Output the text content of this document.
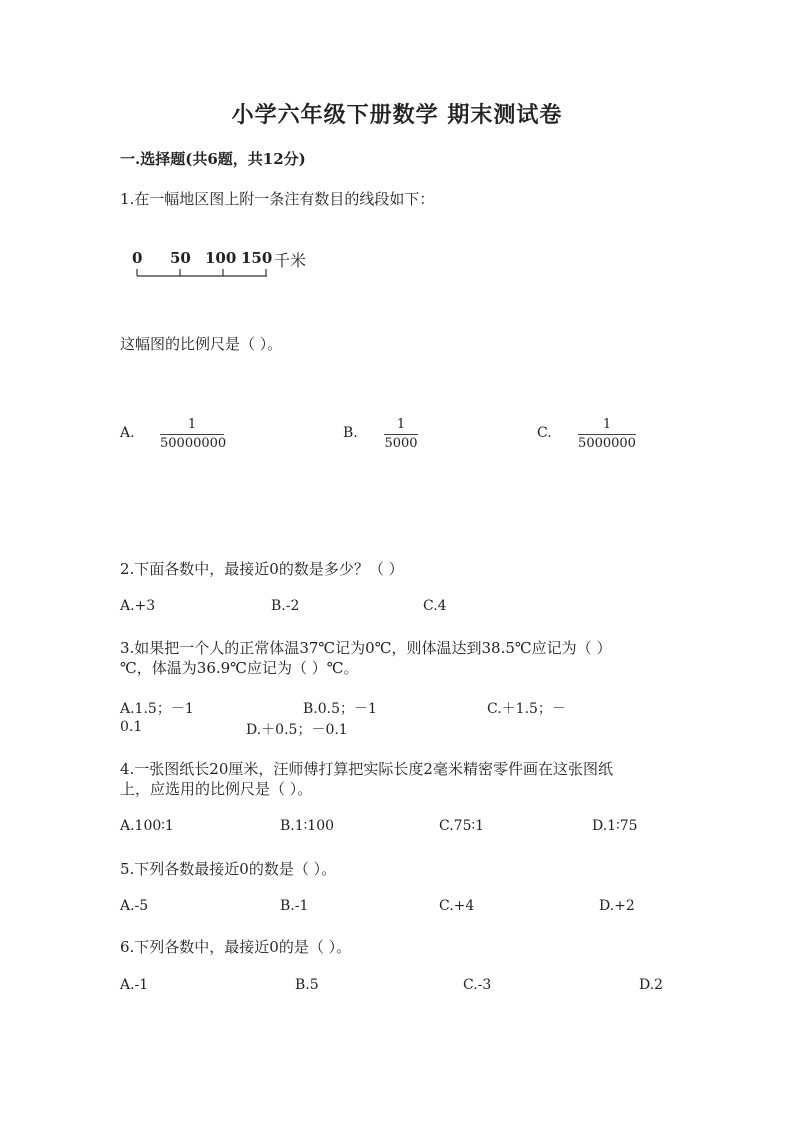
小学六年级下册数学 期末测试卷
一.选择题(共6题，共12分)
1.在一幅地区图上附一条注有数目的线段如下：
0 50 100 150 千米
这幅图的比例尺是（ ）。
A.
1
50000000
B.
1
5000
C.
1
5000000
2.下面各数中，最接近0的数是多少？（ ）
A.+3	B.-2	C.4
3.如果把一个人的正常体温37℃记为0℃，则体温达到38.5℃应记为（ ）
℃，体温为36.9℃应记为（ ）℃。
A.1.5；－1	B.0.5；－1	C.＋1.5；－
0.1	D.＋0.5；－0.1
4.一张图纸长20厘米，汪师傅打算把实际长度2毫米精密零件画在这张图纸
上，应选用的比例尺是（ ）。
A.100∶1	B.1∶100	C.75∶1	D.1∶75
5.下列各数最接近0的数是（ ）。
A.-5	B.-1	C.+4	D.+2
6.下列各数中，最接近0的是（ ）。
A.-1	B.5	C.-3	D.2
